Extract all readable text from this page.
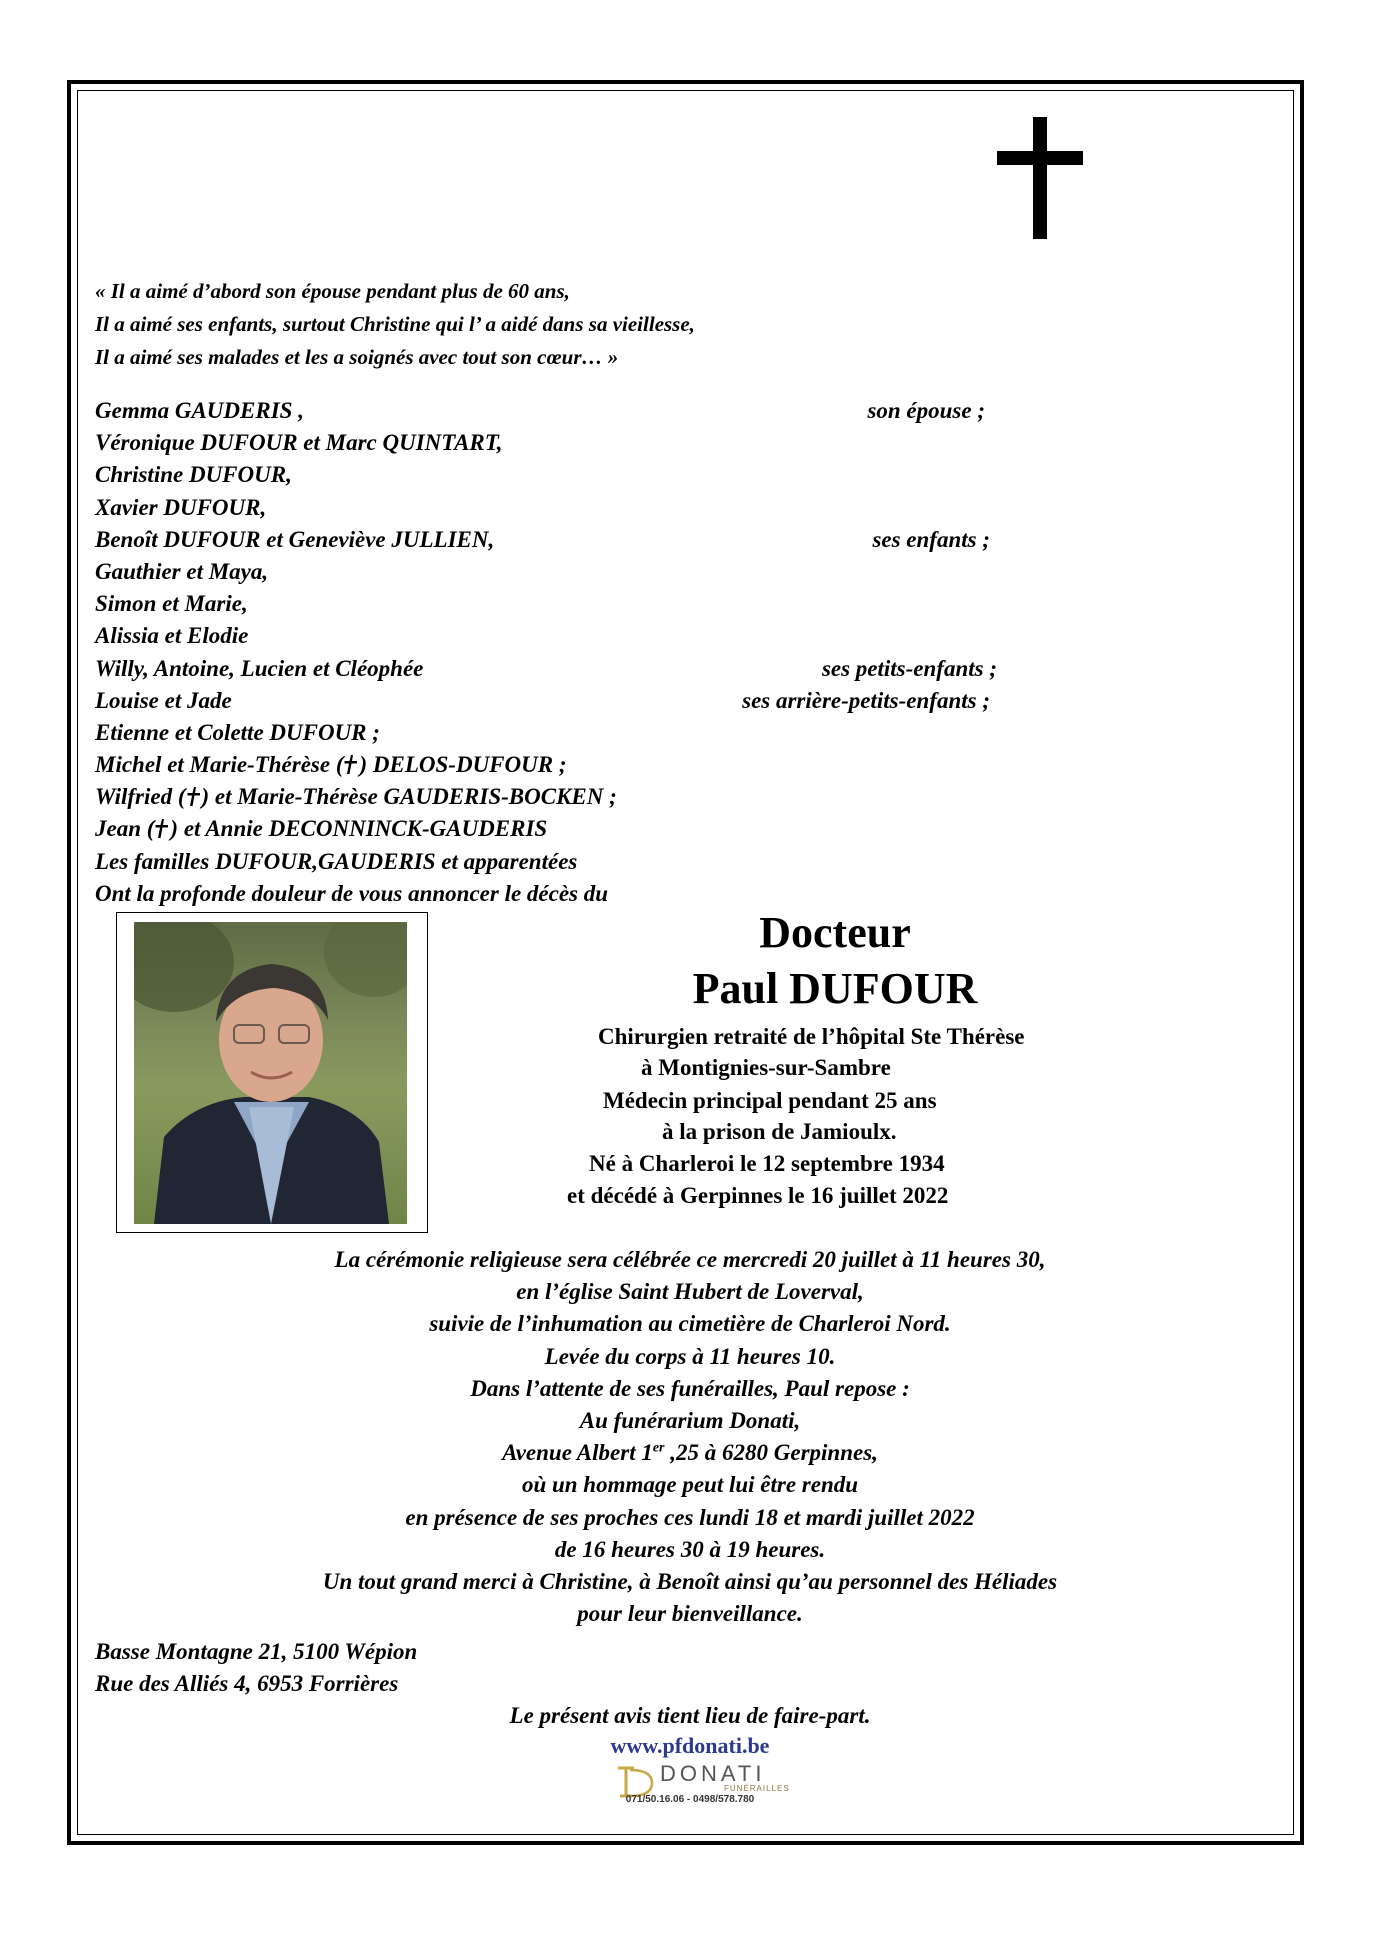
« Il a aimé d’abord son épouse pendant plus de 60 ans,
Il a aimé ses enfants, surtout Christine qui l’ a aidé dans sa vieillesse,
Il a aimé ses malades et les a soignés avec tout son cœur… »
Gemma GAUDERIS ,	son épouse ;
Véronique DUFOUR et Marc QUINTART,
Christine DUFOUR,
Xavier DUFOUR,
Benoît DUFOUR et Geneviève JULLIEN,	ses enfants ;
Gauthier et Maya,
Simon et Marie,
Alissia et Elodie
Willy, Antoine, Lucien et Cléophée	ses petits-enfants ;
Louise et Jade	ses arrière-petits-enfants ;
Etienne et Colette DUFOUR ;
Michel et Marie-Thérèse ( ) DELOS-DUFOUR ;
Wilfried ( ) et Marie-Thérèse GAUDERIS-BOCKEN ;
Jean ( ) et Annie DECONNINCK-GAUDERIS
Les familles DUFOUR,GAUDERIS et apparentées
Ont la profonde douleur de vous annoncer le décès du
Docteur
Paul DUFOUR
Chirurgien retraité de l’hôpital Ste Thérèse
à Montignies-sur-Sambre
Médecin principal pendant 25 ans
à la prison de Jamioulx.
Né à Charleroi le 12 septembre 1934
et décédé à Gerpinnes le 16 juillet 2022
La cérémonie religieuse sera célébrée ce mercredi 20 juillet à 11 heures 30,
en l’église Saint Hubert de Loverval,
suivie de l’inhumation au cimetière de Charleroi Nord.
Levée du corps à 11 heures 10.
Dans l’attente de ses funérailles, Paul repose :
Au funérarium Donati,
Avenue Albert 1er ,25 à 6280 Gerpinnes,
où un hommage peut lui être rendu
en présence de ses proches ces lundi 18 et mardi juillet 2022
de 16 heures 30 à 19 heures.
Un tout grand merci à Christine, à Benoît ainsi qu’au personnel des Héliades
pour leur bienveillance.
Basse Montagne 21, 5100 Wépion
Rue des Alliés 4, 6953 Forrières
Le présent avis tient lieu de faire-part.
www.pfdonati.be
DONATI
FUNÉRAILLES
071/50.16.06 - 0498/578.780
